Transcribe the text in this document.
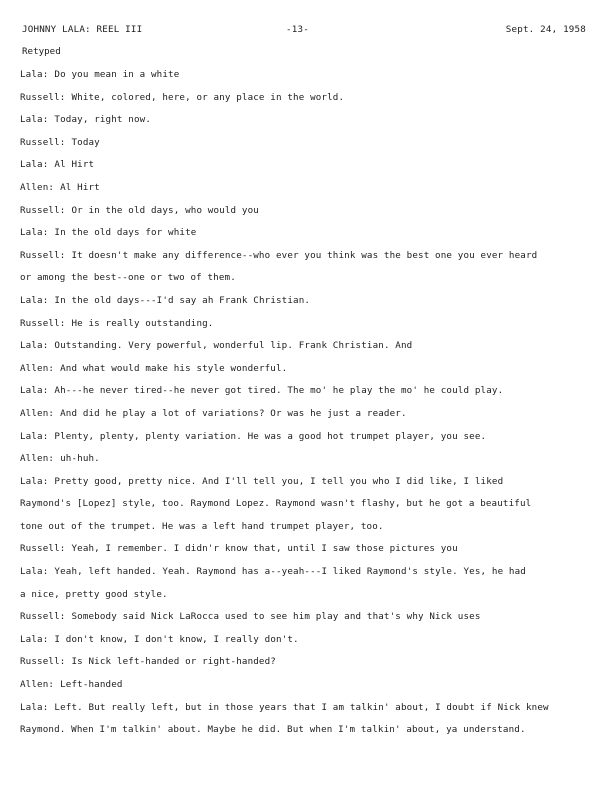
JOHNNY LALA: REEL III	-13-	Sept. 24, 1958
Retyped
Lala: Do you mean in a white
Russell: White, colored, here, or any place in the world.
Lala: Today, right now.
Russell: Today
Lala: Al Hirt
Allen: Al Hirt
Russell: Or in the old days, who would you
Lala: In the old days for white
Russell: It doesn't make any difference--who ever you think was the best one you ever heard
or among the best--one or two of them.
Lala: In the old days---I'd say ah Frank Christian.
Russell: He is really outstanding.
Lala: Outstanding. Very powerful, wonderful lip. Frank Christian. And
Allen: And what would make his style wonderful.
Lala: Ah---he never tired--he never got tired. The mo' he play the mo' he could play.
Allen: And did he play a lot of variations? Or was he just a reader.
Lala: Plenty, plenty, plenty variation. He was a good hot trumpet player, you see.
Allen: uh-huh.
Lala: Pretty good, pretty nice. And I'll tell you, I tell you who I did like, I liked
Raymond's [Lopez] style, too. Raymond Lopez. Raymond wasn't flashy, but he got a beautiful
tone out of the trumpet. He was a left hand trumpet player, too.
Russell: Yeah, I remember. I didn'r know that, until I saw those pictures you
Lala: Yeah, left handed. Yeah. Raymond has a--yeah---I liked Raymond's style. Yes, he had
a nice, pretty good style.
Russell: Somebody said Nick LaRocca used to see him play and that's why Nick uses
Lala: I don't know, I don't know, I really don't.
Russell: Is Nick left-handed or right-handed?
Allen: Left-handed
Lala: Left. But really left, but in those years that I am talkin' about, I doubt if Nick knew
Raymond. When I'm talkin' about. Maybe he did. But when I'm talkin' about, ya understand.
